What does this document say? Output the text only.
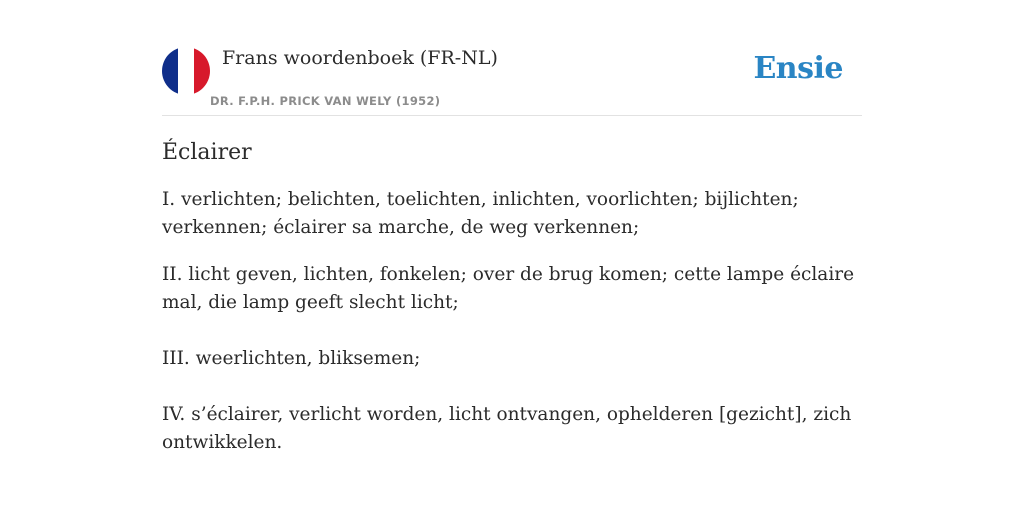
Frans woordenboek (FR-NL)
DR. F.P.H. PRICK VAN WELY (1952)
Ensie
Éclairer

I. verlichten; belichten, toelichten, inlichten, voorlichten; bijlichten; verkennen; éclairer sa marche, de weg verkennen;

II. licht geven, lichten, fonkelen; over de brug komen; cette lampe éclaire mal, die lamp geeft slecht licht;

III. weerlichten, bliksemen;

IV. s’éclairer, verlicht worden, licht ontvangen, ophelderen [gezicht], zich ontwikkelen.
